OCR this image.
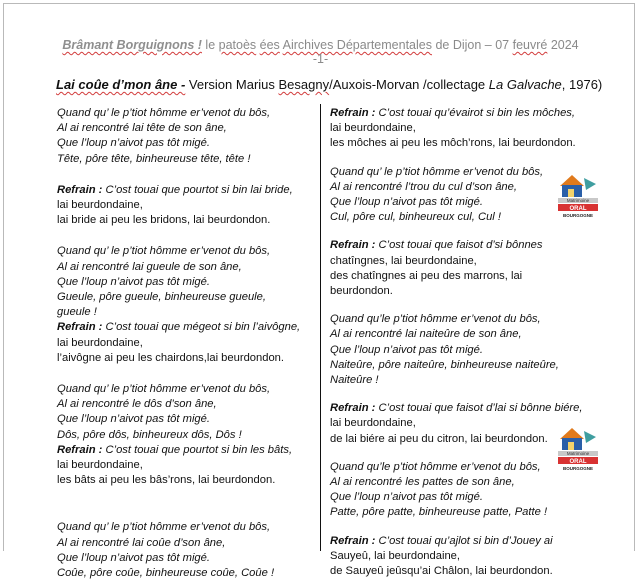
Brâmant Borguignons ! le patoès ées Airchives Départementales de Dijon – 07 feuvré 2024
-1-
Lai coûe d’mon âne - Version Marius Besagny/Auxois-Morvan /collectage La Galvache, 1976)
Quand qu’ le p’tiot hômme er’venot du bôs,
Al ai rencontré lai tête de son âne,
Que l’loup n’aivot pas tôt migé.
Tête, pôre tête, binheureuse tête, tête !
Refrain : C’ost touai que pourtot si bin lai bride,
lai beurdondaine,
lai bride ai peu les bridons, lai beurdondon.
Quand qu’ le p’tiot hômme er’venot du bôs,
Al ai rencontré lai gueule de son âne,
Que l’loup n’aivot pas tôt migé.
Gueule, pôre gueule, binheureuse gueule,
gueule !
Refrain : C’ost touai que mégeot si bin l’aivôgne,
lai beurdondaine,
l’aivôgne ai peu les chairdons,lai beurdondon.
Quand qu’ le p’tiot hômme er’venot du bôs,
Al ai rencontré le dôs d’son âne,
Que l’loup n’aivot pas tôt migé.
Dôs, pôre dôs, binheureux dôs, Dôs !
Refrain : C’ost touai que pourtot si bin les bâts,
lai beurdondaine,
les bâts ai peu les bâs’rons, lai beurdondon.
Quand qu’ le p’tiot hômme er’venot du bôs,
Al ai rencontré lai coûe d’son âne,
Que l’loup n’aivot pas tôt migé.
Coûe, pôre coûe, binheureuse coûe, Coûe !
Refrain : C’ost touai qu’évairot si bin les môches,
lai beurdondaine,
les môches ai peu les môch’rons, lai beurdondon.
Quand qu’ le p’tiot hômme er’venot du bôs,
Al ai rencontré l’trou du cul d’son âne,
Que l’loup n’aivot pas tôt migé.
Cul, pôre cul, binheureux cul, Cul !
Refrain : C’ost touai que faisot d’si bônnes
chatîngnes, lai beurdondaine,
des chatîngnes ai peu des marrons, lai
beurdondon.
Quand qu’le p’tiot hômme er’venot du bôs,
Al ai rencontré lai naiteûre de son âne,
Que l’loup n’aivot pas tôt migé.
Naiteûre, pôre naiteûre, binheureuse naiteûre,
Naiteûre !
Refrain : C’ost touai que faisot d’lai si bônne biére,
lai beurdondaine,
de lai biére ai peu du citron, lai beurdondon.
Quand qu’le p’tiot hômme er’venot du bôs,
Al ai rencontré les pattes de son âne,
Que l’loup n’aivot pas tôt migé.
Patte, pôre patte, binheureuse patte, Patte !
Refrain : C’ost touai qu’ajlot si bin d’Jouey ai
Sauyeû, lai beurdondaine,
de Sauyeû jeûsqu’ai Châlon, lai beurdondon.
Matrimoine
ORAL
BOURGOGNE
Matrimoine
ORAL
BOURGOGNE
